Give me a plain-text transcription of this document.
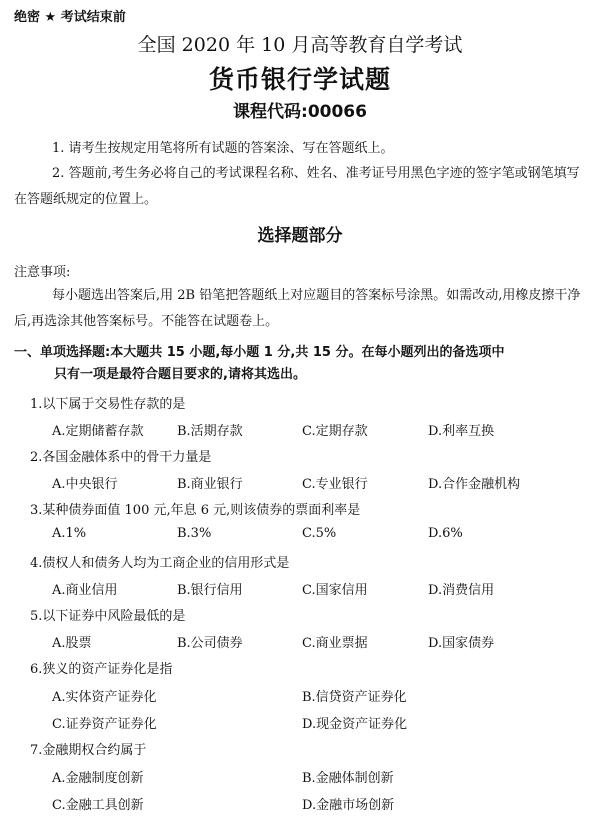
绝密 ★ 考试结束前
全国 2020 年 10 月高等教育自学考试
货币银行学试题
课程代码:00066
1. 请考生按规定用笔将所有试题的答案涂、写在答题纸上。
2. 答题前,考生务必将自己的考试课程名称、姓名、准考证号用黑色字迹的签字笔或钢笔填写在答题纸规定的位置上。
选择题部分
注意事项:
每小题选出答案后,用 2B 铅笔把答题纸上对应题目的答案标号涂黑。如需改动,用橡皮擦干净后,再选涂其他答案标号。不能答在试题卷上。
一、单项选择题:本大题共 15 小题,每小题 1 分,共 15 分。在每小题列出的备选项中
只有一项是最符合题目要求的,请将其选出。
1.以下属于交易性存款的是
A.定期储蓄存款	B.活期存款	C.定期存款	D.利率互换
2.各国金融体系中的骨干力量是
A.中央银行	B.商业银行	C.专业银行	D.合作金融机构
3.某种债券面值 100 元,年息 6 元,则该债券的票面利率是
A.1%	B.3%	C.5%	D.6%
4.债权人和债务人均为工商企业的信用形式是
A.商业信用	B.银行信用	C.国家信用	D.消费信用
5.以下证券中风险最低的是
A.股票	B.公司债券	C.商业票据	D.国家债券
6.狭义的资产证券化是指
A.实体资产证券化	B.信贷资产证券化
C.证券资产证券化	D.现金资产证券化
7.金融期权合约属于
A.金融制度创新	B.金融体制创新
C.金融工具创新	D.金融市场创新
